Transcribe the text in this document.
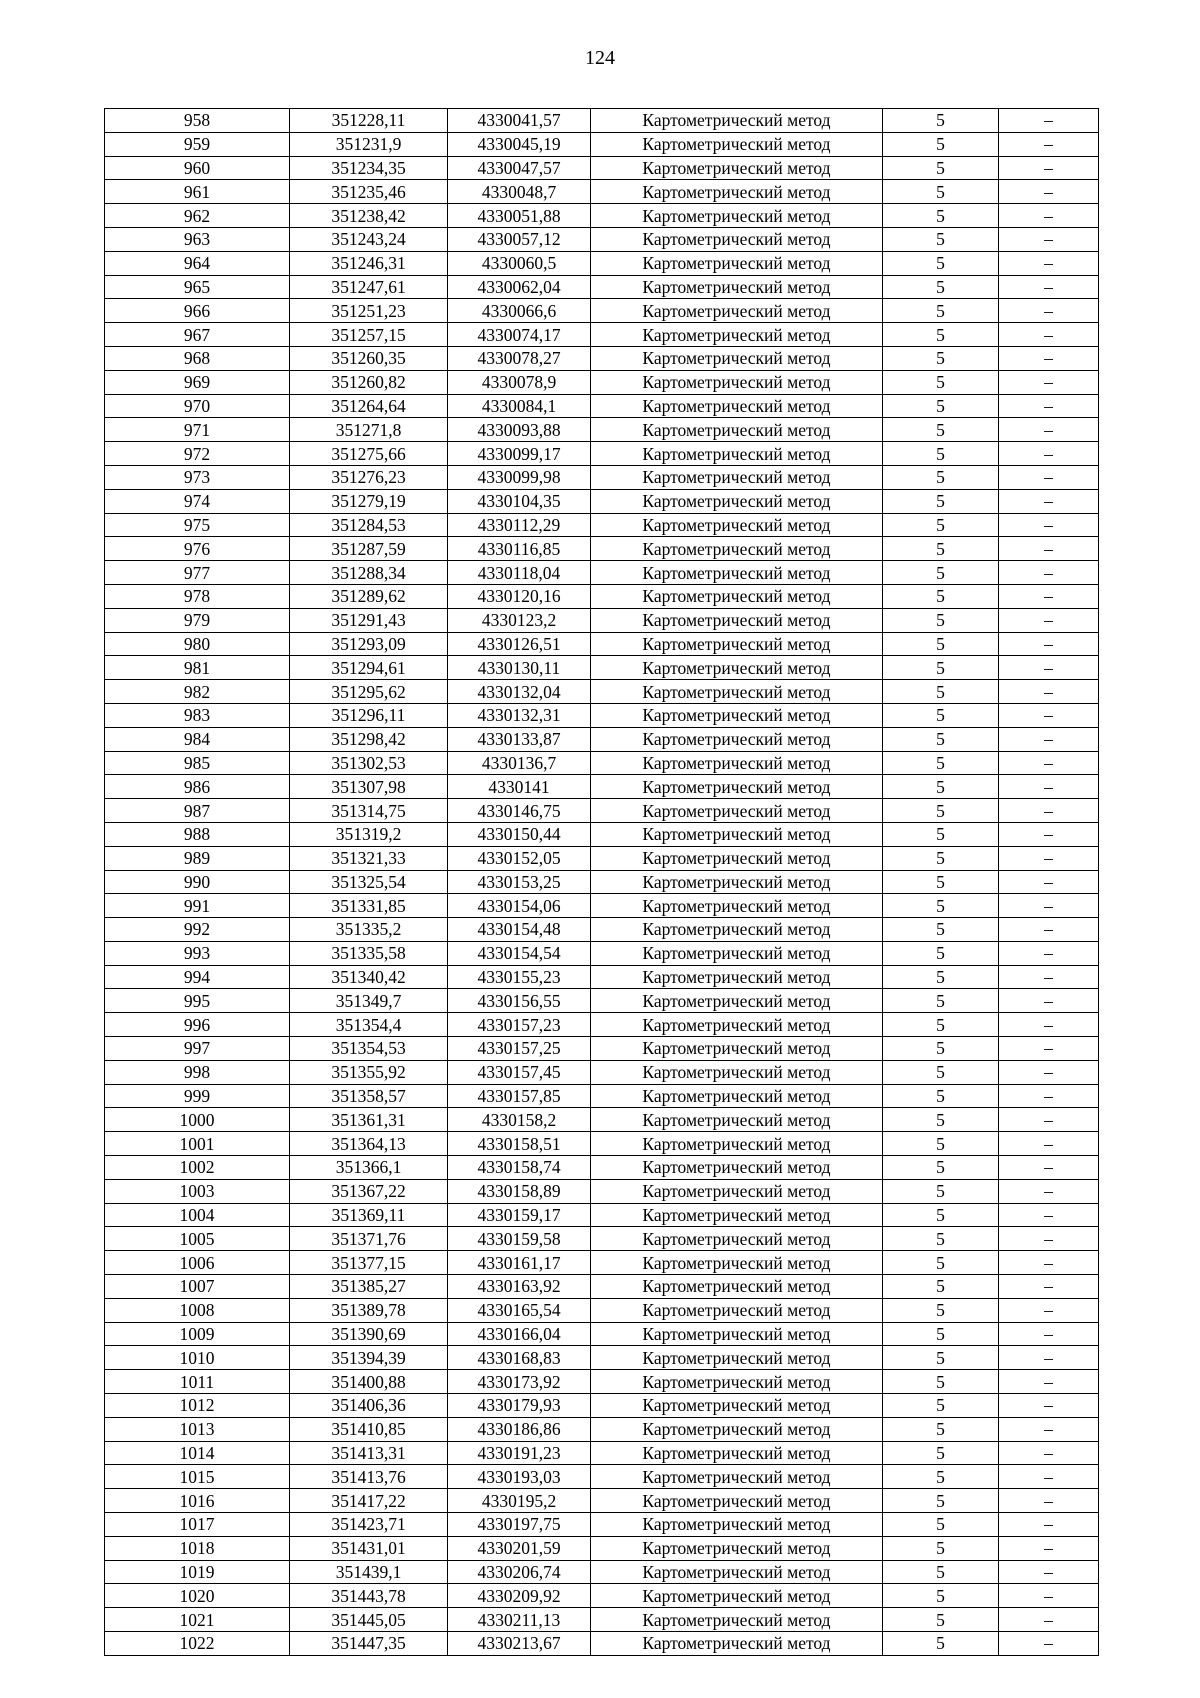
124
958	351228,11	4330041,57	Картометрический метод	5	–
959	351231,9	4330045,19	Картометрический метод	5	–
960	351234,35	4330047,57	Картометрический метод	5	–
961	351235,46	4330048,7	Картометрический метод	5	–
962	351238,42	4330051,88	Картометрический метод	5	–
963	351243,24	4330057,12	Картометрический метод	5	–
964	351246,31	4330060,5	Картометрический метод	5	–
965	351247,61	4330062,04	Картометрический метод	5	–
966	351251,23	4330066,6	Картометрический метод	5	–
967	351257,15	4330074,17	Картометрический метод	5	–
968	351260,35	4330078,27	Картометрический метод	5	–
969	351260,82	4330078,9	Картометрический метод	5	–
970	351264,64	4330084,1	Картометрический метод	5	–
971	351271,8	4330093,88	Картометрический метод	5	–
972	351275,66	4330099,17	Картометрический метод	5	–
973	351276,23	4330099,98	Картометрический метод	5	–
974	351279,19	4330104,35	Картометрический метод	5	–
975	351284,53	4330112,29	Картометрический метод	5	–
976	351287,59	4330116,85	Картометрический метод	5	–
977	351288,34	4330118,04	Картометрический метод	5	–
978	351289,62	4330120,16	Картометрический метод	5	–
979	351291,43	4330123,2	Картометрический метод	5	–
980	351293,09	4330126,51	Картометрический метод	5	–
981	351294,61	4330130,11	Картометрический метод	5	–
982	351295,62	4330132,04	Картометрический метод	5	–
983	351296,11	4330132,31	Картометрический метод	5	–
984	351298,42	4330133,87	Картометрический метод	5	–
985	351302,53	4330136,7	Картометрический метод	5	–
986	351307,98	4330141	Картометрический метод	5	–
987	351314,75	4330146,75	Картометрический метод	5	–
988	351319,2	4330150,44	Картометрический метод	5	–
989	351321,33	4330152,05	Картометрический метод	5	–
990	351325,54	4330153,25	Картометрический метод	5	–
991	351331,85	4330154,06	Картометрический метод	5	–
992	351335,2	4330154,48	Картометрический метод	5	–
993	351335,58	4330154,54	Картометрический метод	5	–
994	351340,42	4330155,23	Картометрический метод	5	–
995	351349,7	4330156,55	Картометрический метод	5	–
996	351354,4	4330157,23	Картометрический метод	5	–
997	351354,53	4330157,25	Картометрический метод	5	–
998	351355,92	4330157,45	Картометрический метод	5	–
999	351358,57	4330157,85	Картометрический метод	5	–
1000	351361,31	4330158,2	Картометрический метод	5	–
1001	351364,13	4330158,51	Картометрический метод	5	–
1002	351366,1	4330158,74	Картометрический метод	5	–
1003	351367,22	4330158,89	Картометрический метод	5	–
1004	351369,11	4330159,17	Картометрический метод	5	–
1005	351371,76	4330159,58	Картометрический метод	5	–
1006	351377,15	4330161,17	Картометрический метод	5	–
1007	351385,27	4330163,92	Картометрический метод	5	–
1008	351389,78	4330165,54	Картометрический метод	5	–
1009	351390,69	4330166,04	Картометрический метод	5	–
1010	351394,39	4330168,83	Картометрический метод	5	–
1011	351400,88	4330173,92	Картометрический метод	5	–
1012	351406,36	4330179,93	Картометрический метод	5	–
1013	351410,85	4330186,86	Картометрический метод	5	–
1014	351413,31	4330191,23	Картометрический метод	5	–
1015	351413,76	4330193,03	Картометрический метод	5	–
1016	351417,22	4330195,2	Картометрический метод	5	–
1017	351423,71	4330197,75	Картометрический метод	5	–
1018	351431,01	4330201,59	Картометрический метод	5	–
1019	351439,1	4330206,74	Картометрический метод	5	–
1020	351443,78	4330209,92	Картометрический метод	5	–
1021	351445,05	4330211,13	Картометрический метод	5	–
1022	351447,35	4330213,67	Картометрический метод	5	–
